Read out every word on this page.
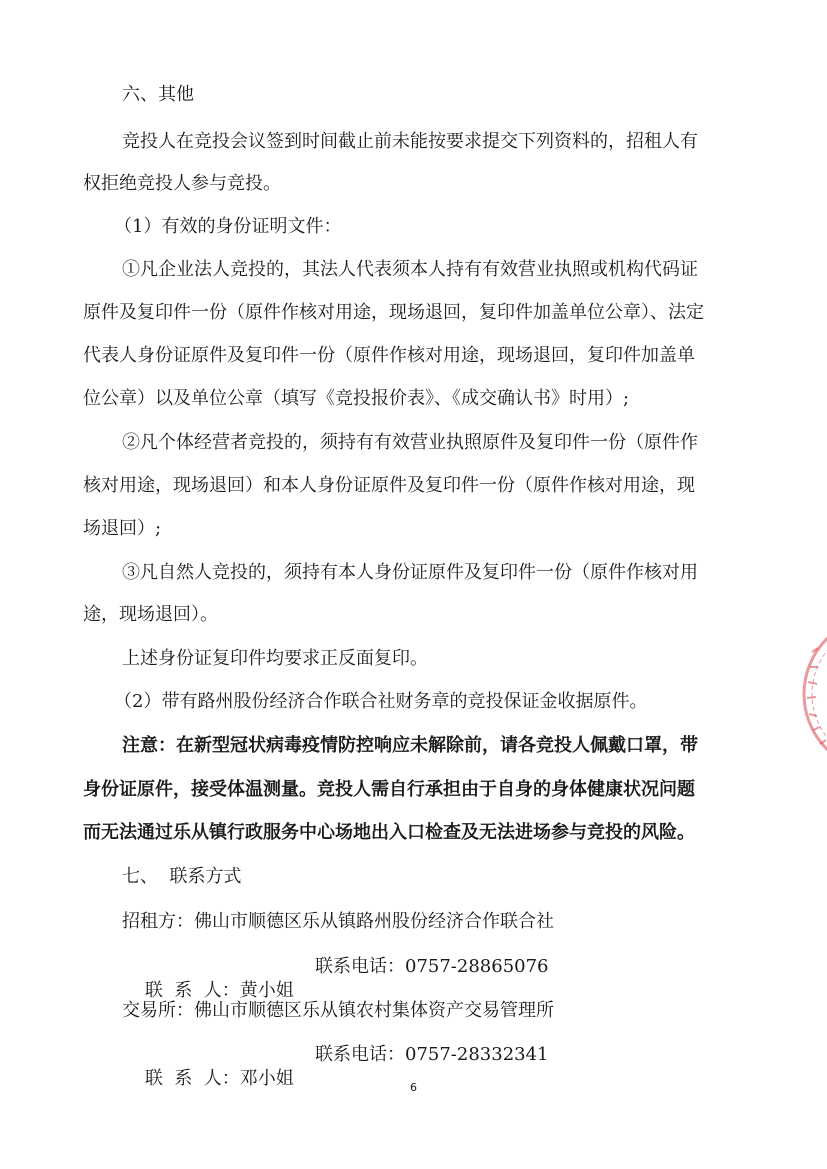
六、其他
竞投人在竞投会议签到时间截止前未能按要求提交下列资料的，招租人有
权拒绝竞投人参与竞投。
（1）有效的身份证明文件：
①凡企业法人竞投的，其法人代表须本人持有有效营业执照或机构代码证
原件及复印件一份（原件作核对用途，现场退回，复印件加盖单位公章）、法定
代表人身份证原件及复印件一份（原件作核对用途，现场退回，复印件加盖单
位公章）以及单位公章（填写《竞投报价表》、《成交确认书》时用）;
②凡个体经营者竞投的，须持有有效营业执照原件及复印件一份（原件作
核对用途，现场退回）和本人身份证原件及复印件一份（原件作核对用途，现
场退回）;
③凡自然人竞投的，须持有本人身份证原件及复印件一份（原件作核对用
途，现场退回）。
上述身份证复印件均要求正反面复印。
（2）带有路州股份经济合作联合社财务章的竞投保证金收据原件。
注意：在新型冠状病毒疫情防控响应未解除前，请各竞投人佩戴口罩，带
身份证原件，接受体温测量。竞投人需自行承担由于自身的身体健康状况问题
而无法通过乐从镇行政服务中心场地出入口检查及无法进场参与竞投的风险。
七、  联系方式
招租方：佛山市顺德区乐从镇路州股份经济合作联合社

联  系  人：黄小姐

联系电话：0757-28865076
交易所：佛山市顺德区乐从镇农村集体资产交易管理所

联  系  人：邓小姐

联系电话：0757-28332341
6
